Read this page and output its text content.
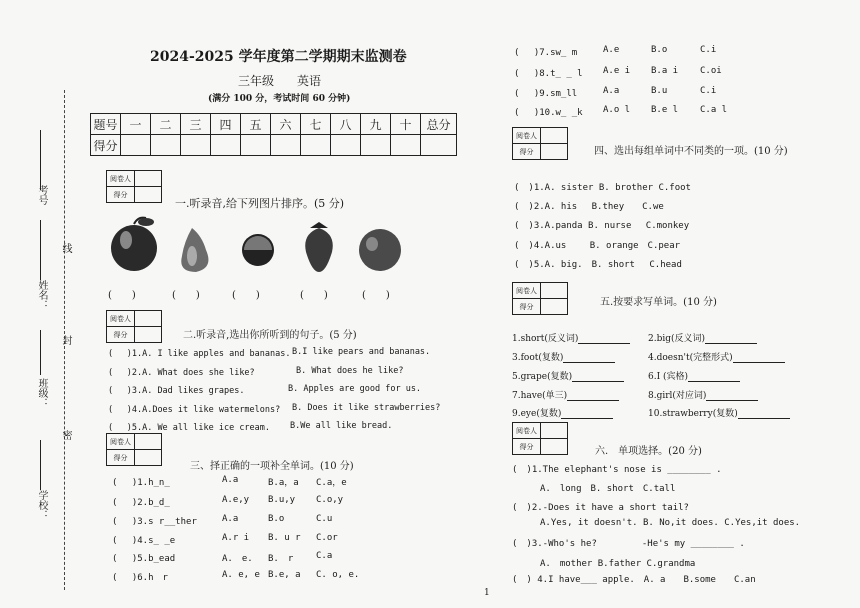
考号
线
姓名：
封
班级：
密
学校：
2024-2025 学年度第二学期期末监测卷
三年级 英语
(满分 100 分，考试时间 60 分钟)
题号	一	二	三	四	五	六	七	八	九	十	总分
得分											
阅卷人	
得分	
阅卷人	
得分	
阅卷人	
得分	
阅卷人	
得分	
阅卷人	
得分	
阅卷人	
得分	
一.听录音,给下列图片排序。(5 分)
(　　)	(　　)	(　　)	(　　)	(　　)
二.听录音,选出你所听到的句子。(5 分)
( 　)1.A. I like apples and bananas. B.I like pears and bananas.
(　 )2.A. What does she like?	B. What does he like?
(　 )3.A. Dad likes grapes.	B. Apples are good for us.
(　 )4.A.Does it like watermelons? B. Does it like strawberries?
(　 )5.A. We all like ice cream. B.We all like bread.
三、择正确的一项补全单词。(10 分)
四、选出每组单词中不同类的一项。(10 分)
五.按要求写单词。(10 分)
六.　单项选择。(20 分)
1
(　 )1.h_n_	A.a	B.a，a C.a，e
(　 )2.b_d_	A.e,y B.u,y C.o,y
(　 )3.s r__ther	A.a	B.o	C.u
(　 )4.s_ _e	A.r i B. u r C.or
(　 )5.b_ead	A.　e. B.　r	C.a
(　 )6.h　r	A. e, e B.e, a C. o, e.
(　 )7.sw_ m	A.e	B.o	C.i
(　 )8.t_ _ l A.e i B.a i C.oi
(　 )9.sm_ll	A.a	B.u	C.i
(　 )10.w_ _k A.o l B.e l C.a l
(　)1.A. sister B. brother C.foot
(　)2.A. his　 B.they　　C.we
(　)3.A.panda B. nurse　 C.monkey
(　)4.A.us　　 B. orange　C.pear
(　)5.A. big.　B. short　 C.head
1.short(反义词)	2.big(反义词)
3.foot(复数)	4.doesn't(完整形式)
5.grape(复数)	6.I (宾格)
7.have(单三)	8.girl(对应词)
9.eye(复数)	10.strawberry(复数)
(　)1.The elephant's nose is ________ .
A.　long　B. short　C.tall
(　)2.-Does it have a short tail?
A.Yes, it doesn't. B. No,it does. C.Yes,it does.
(　)3.-Who's he?　　　　　-He's my ________ .
A.　mother B.father C.grandma
(　) 4.I have___ apple.　A. a　　B.some　　C.an
